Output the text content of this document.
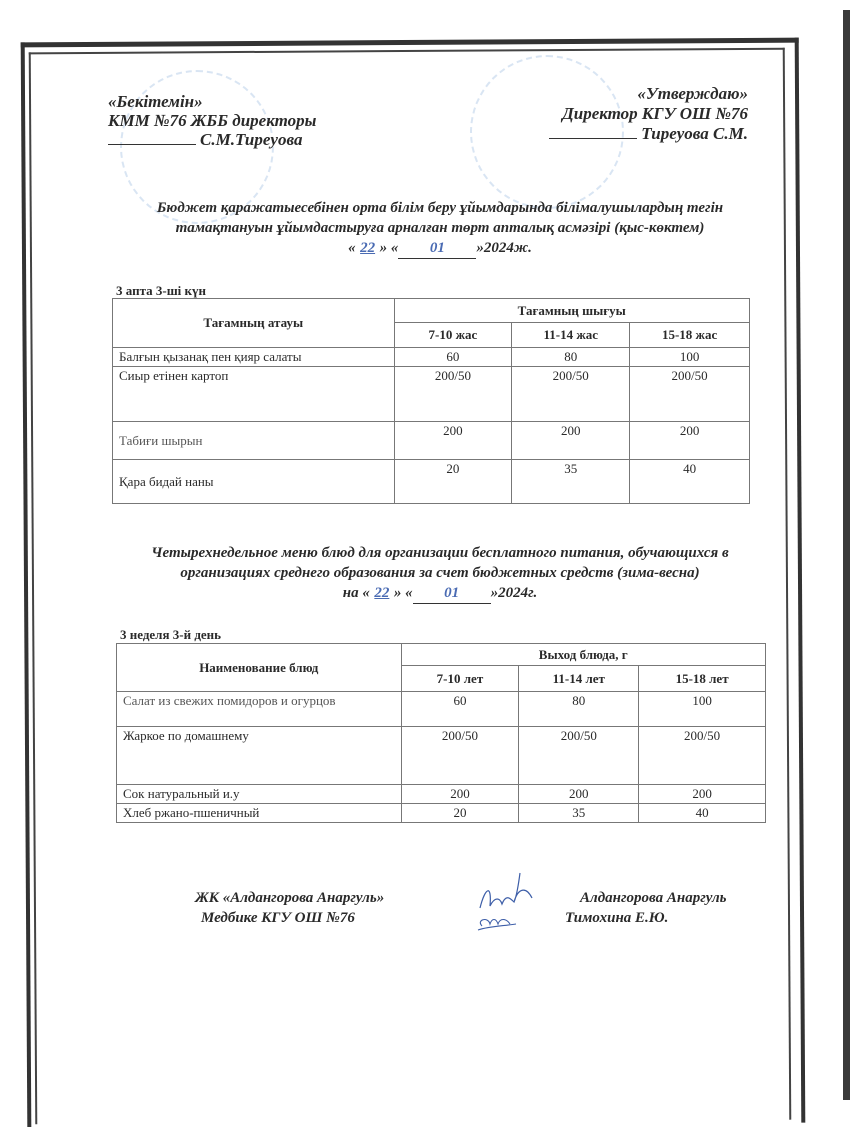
«Бекітемін»
КММ №76 ЖББ директоры
С.М.Тиреуова
«Утверждаю»
Директор КГУ ОШ №76
Тиреуова С.М.
Бюджет қаражатыесебінен орта білім беру ұйымдарында білімалушылардың тегін
тамақтануын ұйымдастыруға арналған төрт апталық асмәзірі (қыс-көктем)
« 22 » « 01 »2024ж.
3 апта 3-ші күн
Тағамның атауы	Тағамның шығуы		
	7-10 жас	11-14 жас	15-18 жас
Балғын қызанақ пен қияр салаты	60	80	100
Сиыр етінен картоп	200/50	200/50	200/50
Табиғи шырын	200	200	200
Қара бидай наны	20	35	40
Четырехнедельное меню блюд для организации бесплатного питания, обучающихся в
организациях среднего образования за счет бюджетных средств (зима-весна)
на « 22 » « 01 »2024г.
3 неделя 3-й день
Наименование блюд	Выход блюда, г		
	7-10 лет	11-14 лет	15-18 лет
Салат из свежих помидоров и огурцов	60	80	100
Жаркое по домашнему	200/50	200/50	200/50
Сок натуральный и.у	200	200	200
Хлеб ржано-пшеничный	20	35	40
ЖК «Алдангорова Анаргуль»
Медбике КГУ ОШ №76
Алдангорова Анаргуль
Тимохина Е.Ю.
